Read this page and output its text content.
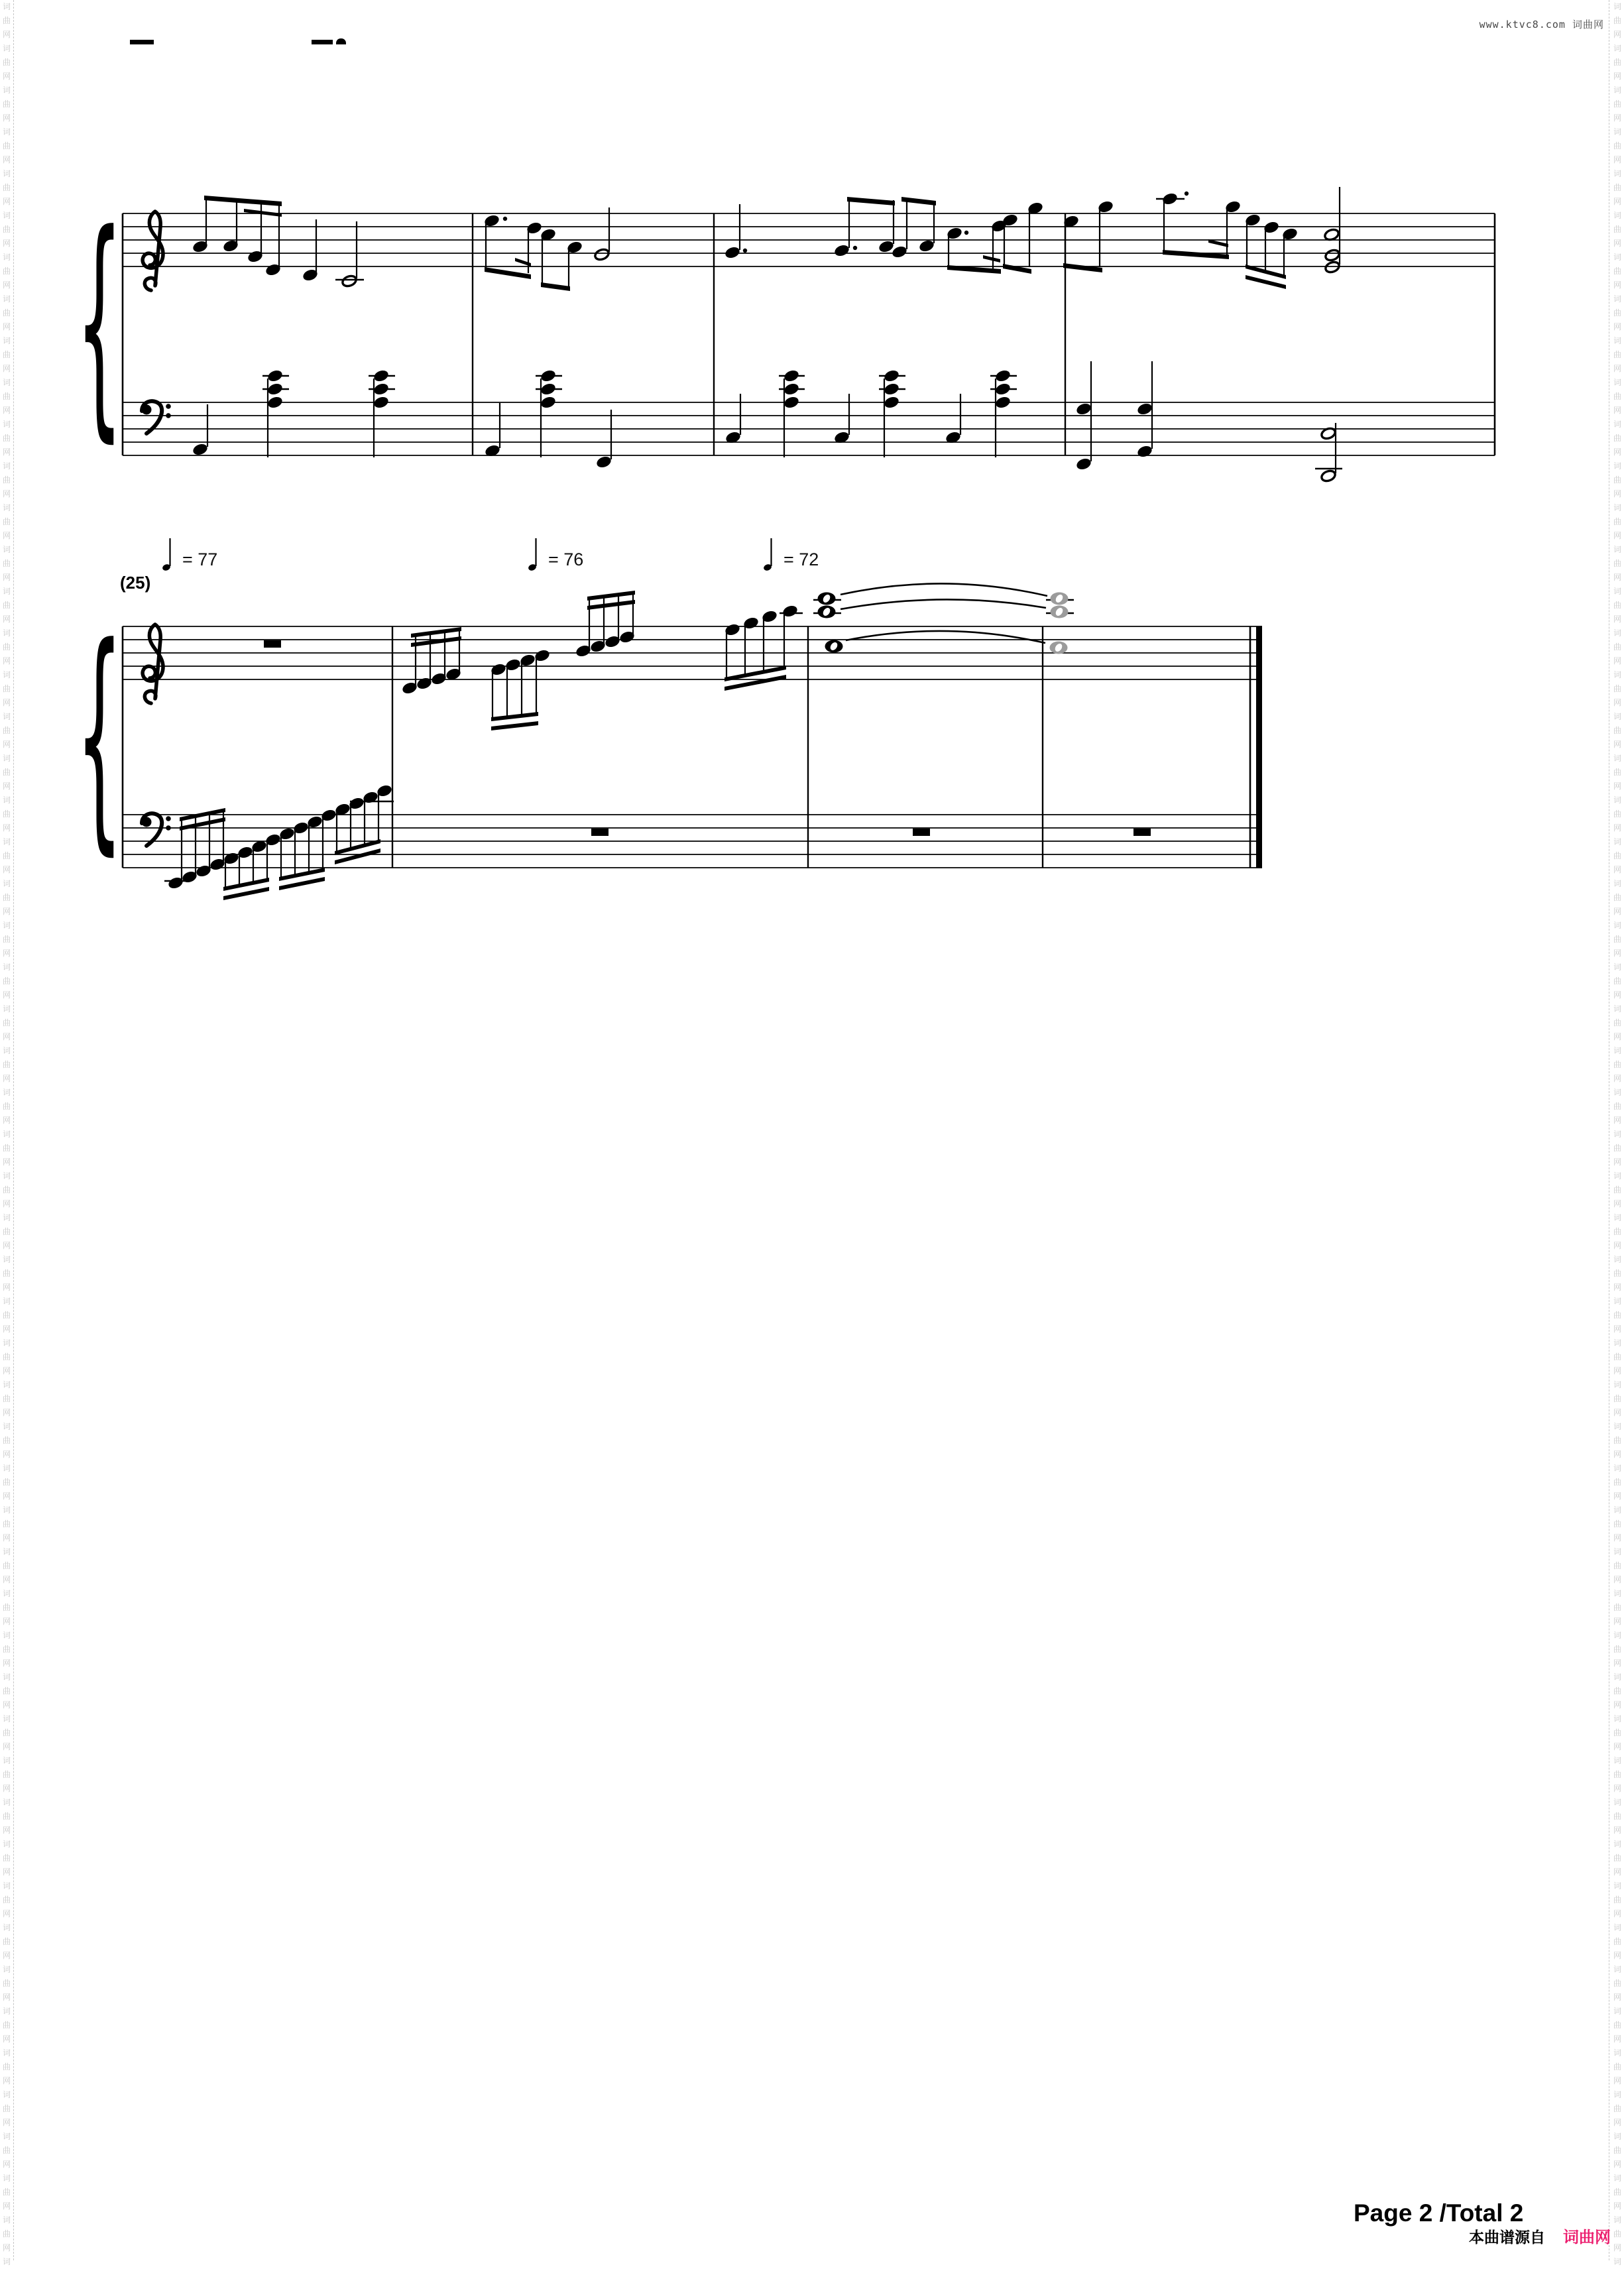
词
曲
网
词
曲
网
词
曲
网
词
曲
网
词
曲
网
词
曲
网
词
曲
网
词
曲
网
词
曲
网
词
曲
网
词
曲
网
词
曲
网
词
曲
网
词
曲
网
词
曲
网
词
曲
网
词
曲
网
词
曲
网
词
曲
网
词
曲
网
词
曲
网
词
曲
网
词
曲
网
词
曲
网
词
曲
网
词
曲
网
词
曲
网
词
曲
网
词
曲
网
词
曲
网
词
曲
网
词
曲
网
词
曲
网
词
曲
网
词
曲
网
词
曲
网
词
曲
网
词
曲
网
词
曲
网
词
曲
网
词
曲
网
词
曲
网
词
曲
网
词
曲
网
词
曲
网
词
曲
网
词
曲
网
词
曲
网
词
曲
网
词
曲
网
词
曲
网
词
曲
网
词
曲
网
词
曲
网
词
词
曲
网
词
曲
网
词
曲
网
词
曲
网
词
曲
网
词
曲
网
词
曲
网
词
曲
网
词
曲
网
词
曲
网
词
曲
网
词
曲
网
词
曲
网
词
曲
网
词
曲
网
词
曲
网
词
曲
网
词
曲
网
词
曲
网
词
曲
网
词
曲
网
词
曲
网
词
曲
网
词
曲
网
词
曲
网
词
曲
网
词
曲
网
词
曲
网
词
曲
网
词
曲
网
词
曲
网
词
曲
网
词
曲
网
词
曲
网
词
曲
网
词
曲
网
词
曲
网
词
曲
网
词
曲
网
词
曲
网
词
曲
网
词
曲
网
词
曲
网
词
曲
网
词
曲
网
词
曲
网
词
曲
网
词
曲
网
词
曲
网
词
曲
网
词
曲
网
词
曲
网
词
曲
网
词
曲
网
词
www.ktvc8.com 词曲网
{
{
= 77	= 76	= 72
(25)
Page 2 /Total 2
本曲谱源自 词曲网
